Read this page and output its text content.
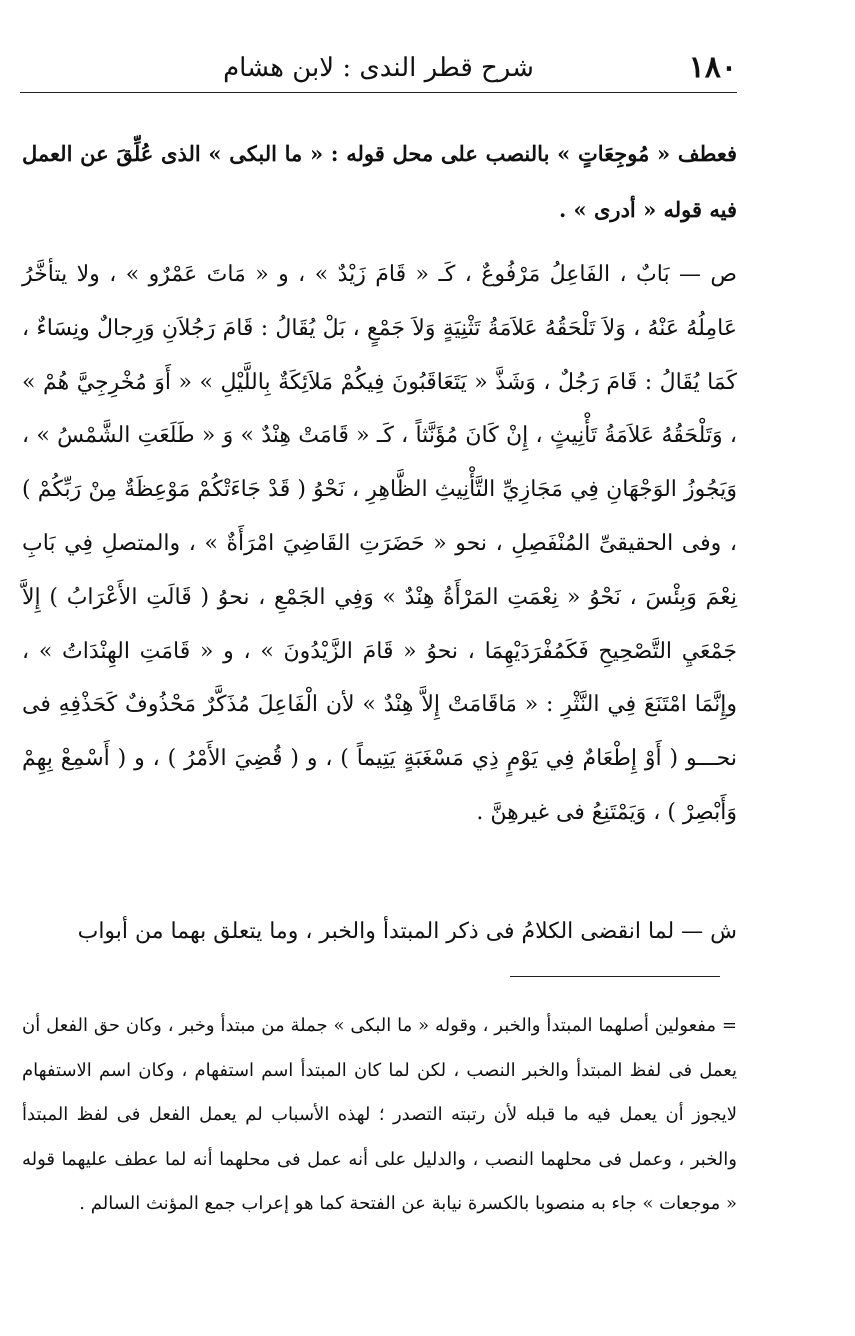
١٨٠
شرح قطر الندى : لابن هشام

فعطف « مُوجِعَاتٍ » بالنصب على محل قوله : « ما البكى » الذى عُلِّقَ عن العمل فيه قوله « أدرى » .

ص — بَابٌ ، الفَاعِلُ مَرْفُوعٌ ، كَـ « قَامَ زَيْدٌ » ، و « مَاتَ عَمْرٌو » ، ولا يتأخَّرُ عَامِلُهُ عَنْهُ ، وَلاَ تَلْحَقُهُ عَلاَمَةُ تَثْنِيَةٍ وَلاَ جَمْعٍ ، بَلْ يُقَالُ : قَامَ رَجُلاَنِ وَرِجالٌ ونِسَاءٌ ، كَمَا يُقَالُ : قَامَ رَجُلٌ ، وَشَذَّ « يَتَعَاقَبُونَ فِيكُمْ مَلاَئِكَةٌ بِاللَّيْلِ » « أَوَ مُخْرِجِيَّ هُمْ » ، وَتَلْحَقُهُ عَلاَمَةُ تَأْنِيثٍ ، إِنْ كَانَ مُؤَنَّثاً ، كَـ « قَامَتْ هِنْدٌ » وَ « طَلَعَتِ الشَّمْسُ » ، وَيَجُوزُ الوَجْهَانِ فِي مَجَازِيِّ التَّأْنِيثِ الظَّاهِرِ ، نَحْوُ ( قَدْ جَاءَتْكُمْ مَوْعِظَةٌ مِنْ رَبِّكُمْ ) ، وفى الحقيقىِّ المُنْفَصِلِ ، نحو « حَضَرَتِ القَاضِيَ امْرَأَةٌ » ، والمتصلِ فِي بَابِ نِعْمَ وَبِئْسَ ، نَحْوُ « نِعْمَتِ المَرْأَةُ هِنْدٌ » وَفِي الجَمْعِ ، نحوُ ( قَالَتِ الأَعْرَابُ ) إِلاَّ جَمْعَيِ التَّصْحِيحِ فَكَمُفْرَدَيْهِمَا ، نحوُ « قَامَ الزَّيْدُونَ » ، و « قَامَتِ الهِنْدَاتُ » ، وإِنَّمَا امْتَنَعَ فِي النَّثْرِ : « مَاقَامَتْ إِلاَّ هِنْدٌ » لأن الْفَاعِلَ مُذَكَّرٌ مَحْذُوفٌ كَحَذْفِهِ فى نحـــو ( أَوْ إِطْعَامٌ فِي يَوْمٍ ذِي مَسْغَبَةٍ يَتِيماً ) ، و ( قُضِيَ الأَمْرُ ) ، و ( أَسْمِعْ بِهِمْ وَأَبْصِرْ ) ، وَيَمْتَنِعُ فى غيرهِنَّ .

ش — لما انقضى الكلامُ فى ذكر المبتدأ والخبر ، وما يتعلق بهما من أبواب

= مفعولين أصلهما المبتدأ والخبر ، وقوله « ما البكى » جملة من مبتدأ وخبر ، وكان حق الفعل أن يعمل فى لفظ المبتدأ والخبر النصب ، لكن لما كان المبتدأ اسم استفهام ، وكان اسم الاستفهام لايجوز أن يعمل فيه ما قبله لأن رتبته التصدر ؛ لهذه الأسباب لم يعمل الفعل فى لفظ المبتدأ والخبر ، وعمل فى محلهما النصب ، والدليل على أنه عمل فى محلهما أنه لما عطف عليهما قوله « موجعات » جاء به منصوبا بالكسرة نيابة عن الفتحة كما هو إعراب جمع المؤنث السالم .
